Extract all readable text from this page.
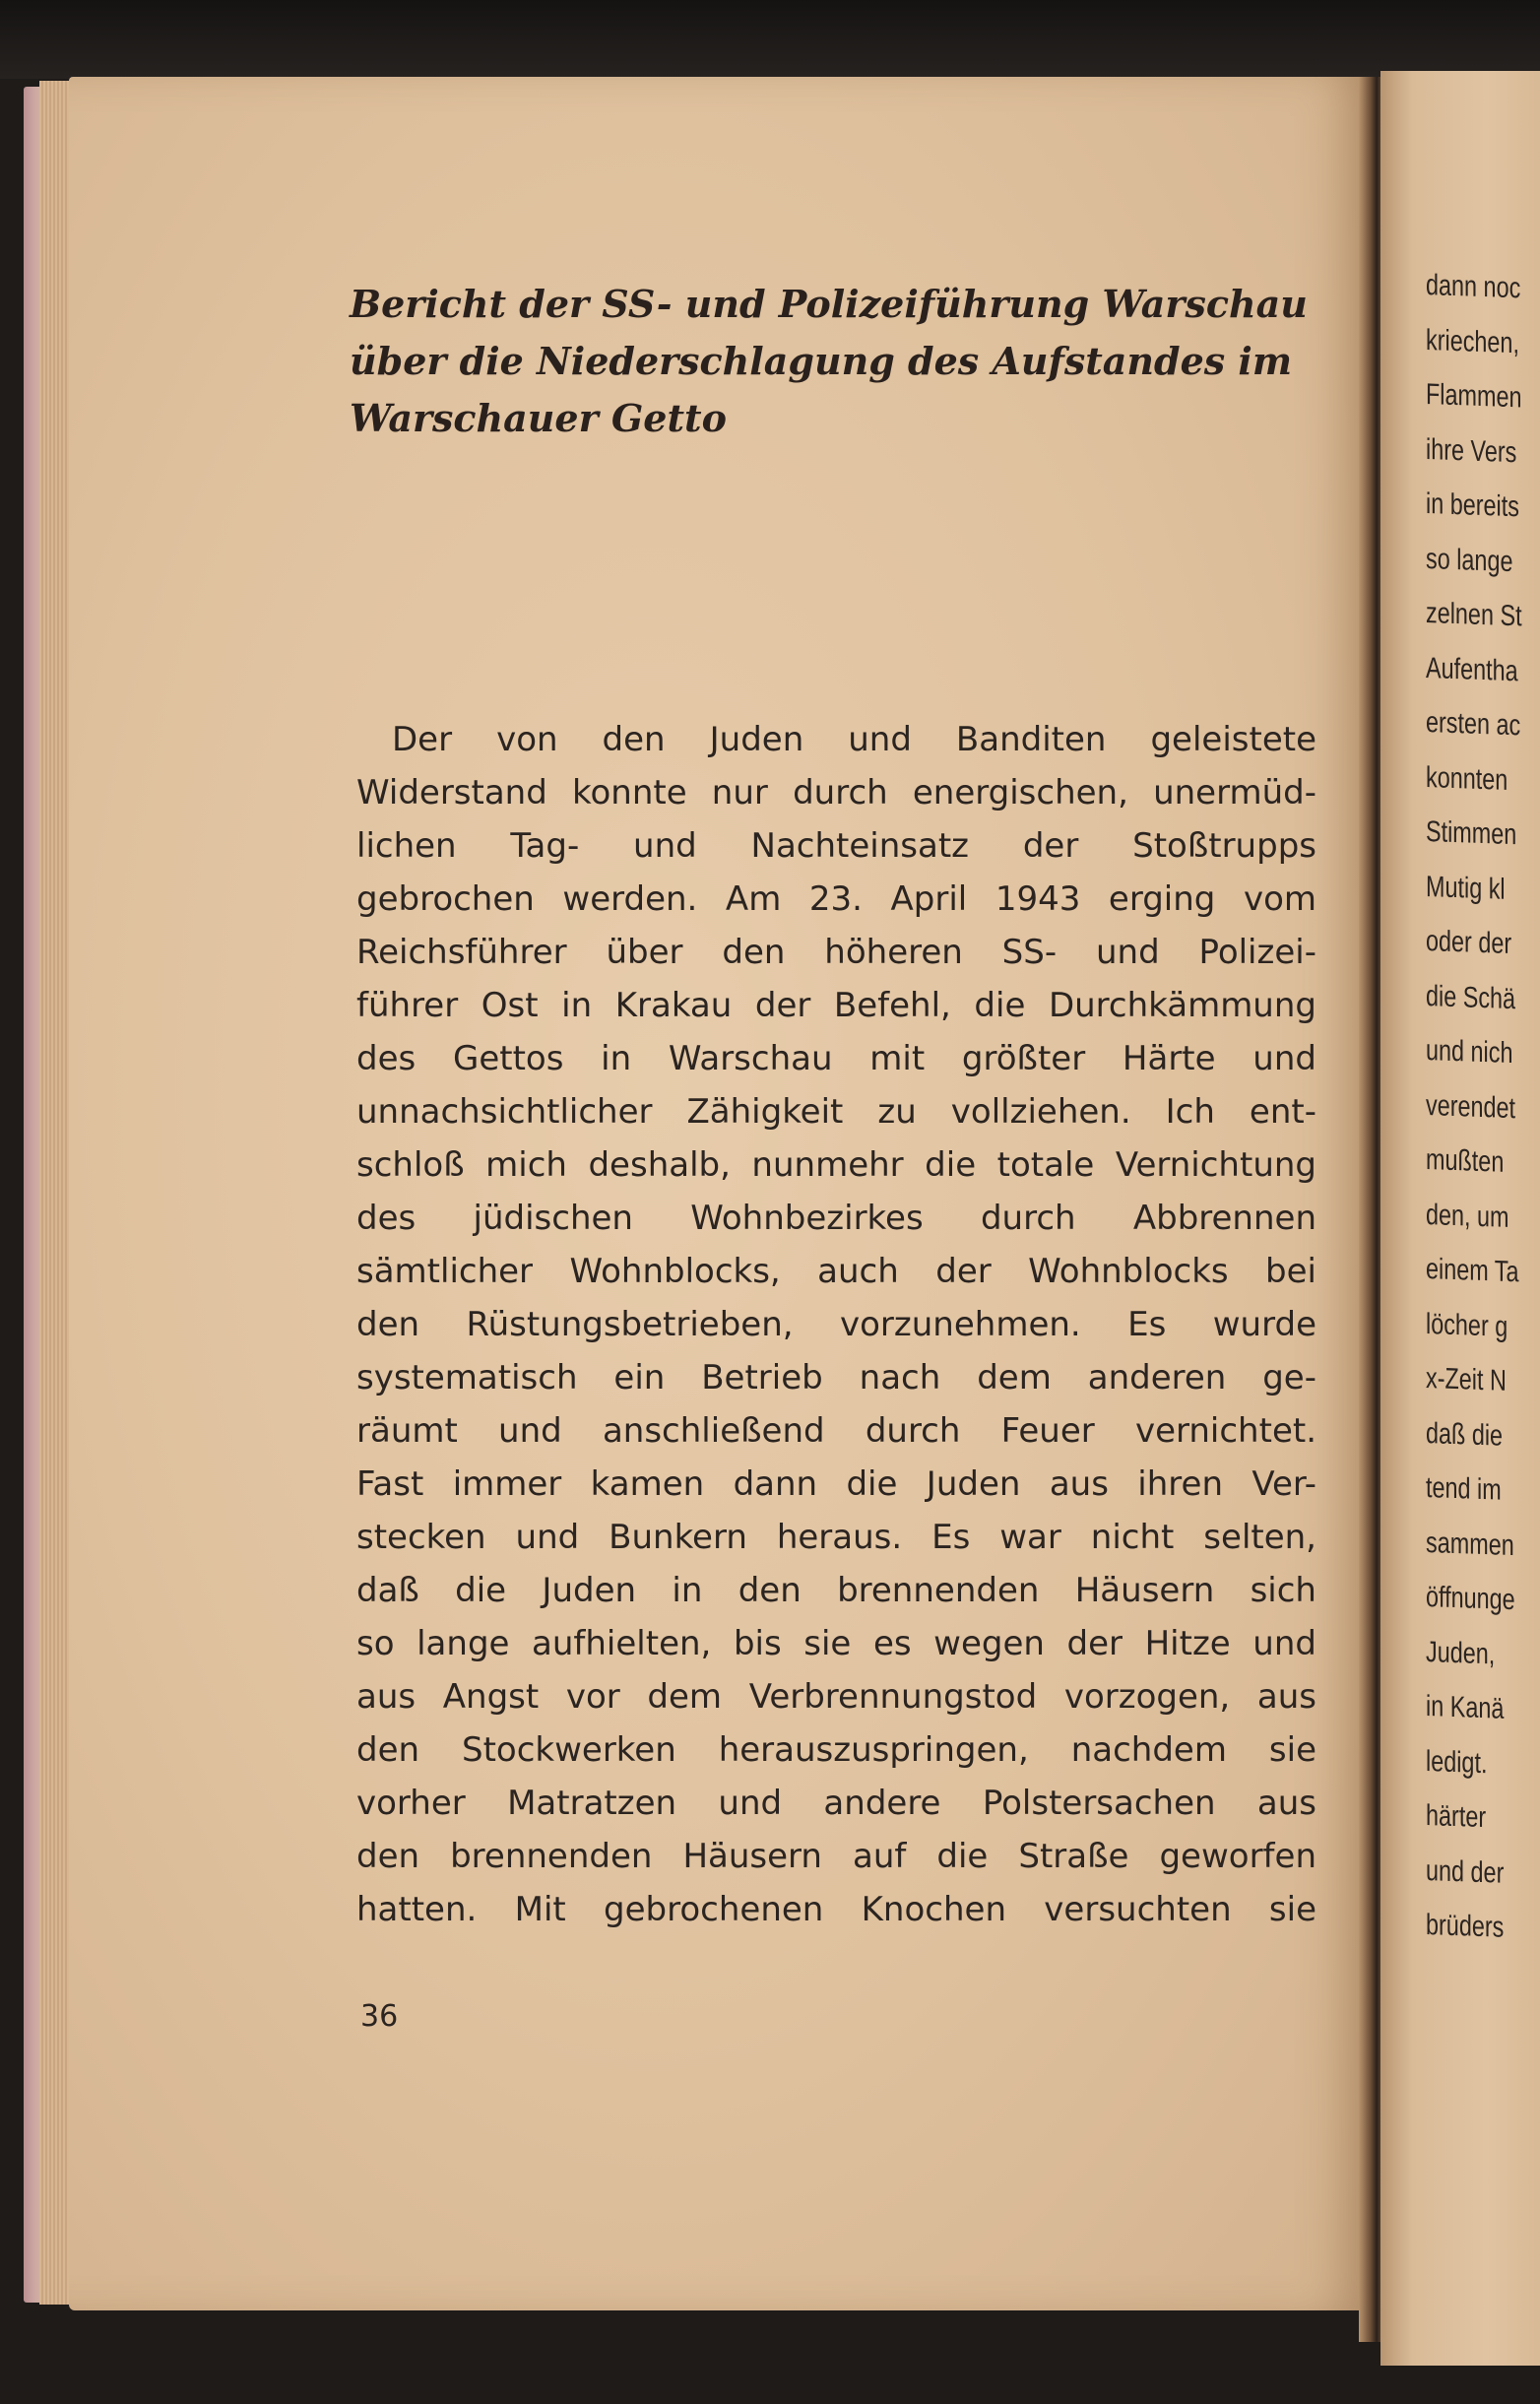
Bericht der SS- und Polizeiführung Warschau
über die Niederschlagung des Aufstandes im
Warschauer Getto
Der von den Juden und Banditen geleistete
Widerstand konnte nur durch energischen, unermüd-
lichen Tag- und Nachteinsatz der Stoßtrupps
gebrochen werden. Am 23. April 1943 erging vom
Reichsführer über den höheren SS- und Polizei-
führer Ost in Krakau der Befehl, die Durchkämmung
des Gettos in Warschau mit größter Härte und
unnachsichtlicher Zähigkeit zu vollziehen. Ich ent-
schloß mich deshalb, nunmehr die totale Vernichtung
des jüdischen Wohnbezirkes durch Abbrennen
sämtlicher Wohnblocks, auch der Wohnblocks bei
den Rüstungsbetrieben, vorzunehmen. Es wurde
systematisch ein Betrieb nach dem anderen ge-
räumt und anschließend durch Feuer vernichtet.
Fast immer kamen dann die Juden aus ihren Ver-
stecken und Bunkern heraus. Es war nicht selten,
daß die Juden in den brennenden Häusern sich
so lange aufhielten, bis sie es wegen der Hitze und
aus Angst vor dem Verbrennungstod vorzogen, aus
den Stockwerken herauszuspringen, nachdem sie
vorher Matratzen und andere Polstersachen aus
den brennenden Häusern auf die Straße geworfen
hatten. Mit gebrochenen Knochen versuchten sie
36
dann noc
kriechen,
Flammen
ihre Vers
in bereits
so lange
zelnen St
Aufentha
ersten ac
konnten
Stimmen
Mutig kl
oder der
die Schä
und nich
verendet
mußten
den, um
einem Ta
löcher g
x-Zeit N
daß die
tend im
sammen
öffnunge
Juden,
in Kanä
ledigt.
härter
und der
brüders
